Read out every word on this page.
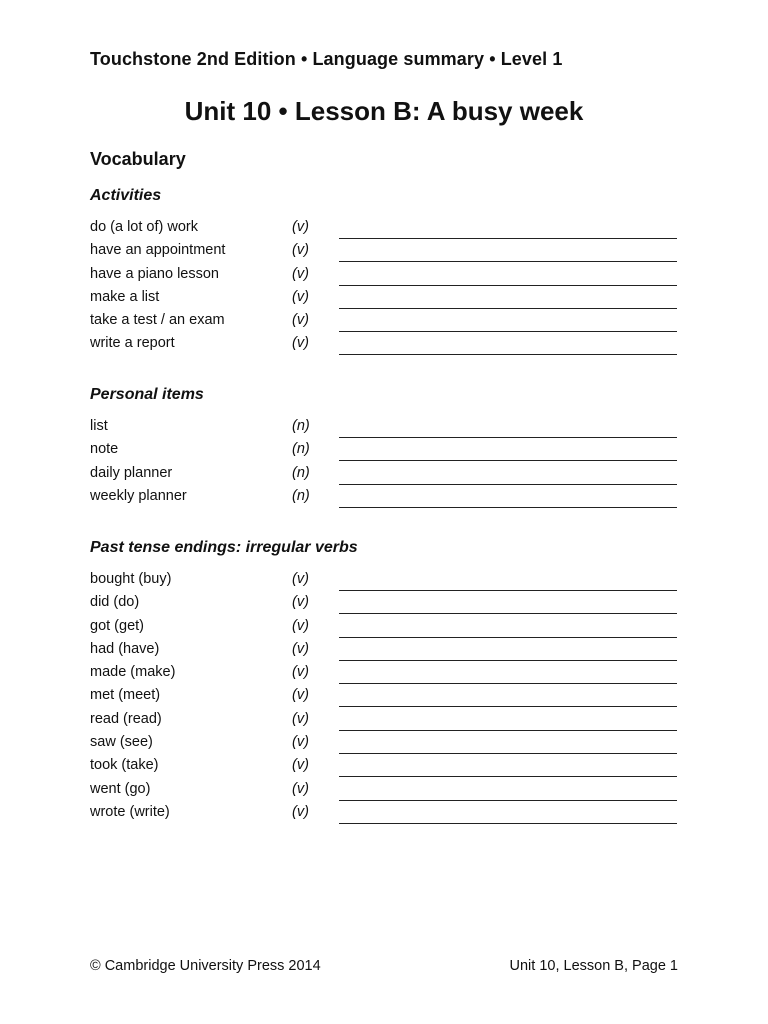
Touchstone 2nd Edition • Language summary • Level 1
Unit 10 • Lesson B: A busy week
Vocabulary
Activities
do (a lot of) work	(v)
have an appointment	(v)
have a piano lesson	(v)
make a list	(v)
take a test / an exam	(v)
write a report	(v)
Personal items
list	(n)
note	(n)
daily planner	(n)
weekly planner	(n)
Past tense endings: irregular verbs
bought (buy)	(v)
did (do)	(v)
got (get)	(v)
had (have)	(v)
made (make)	(v)
met (meet)	(v)
read (read)	(v)
saw (see)	(v)
took (take)	(v)
went (go)	(v)
wrote (write)	(v)
© Cambridge University Press 2014	Unit 10, Lesson B, Page 1
